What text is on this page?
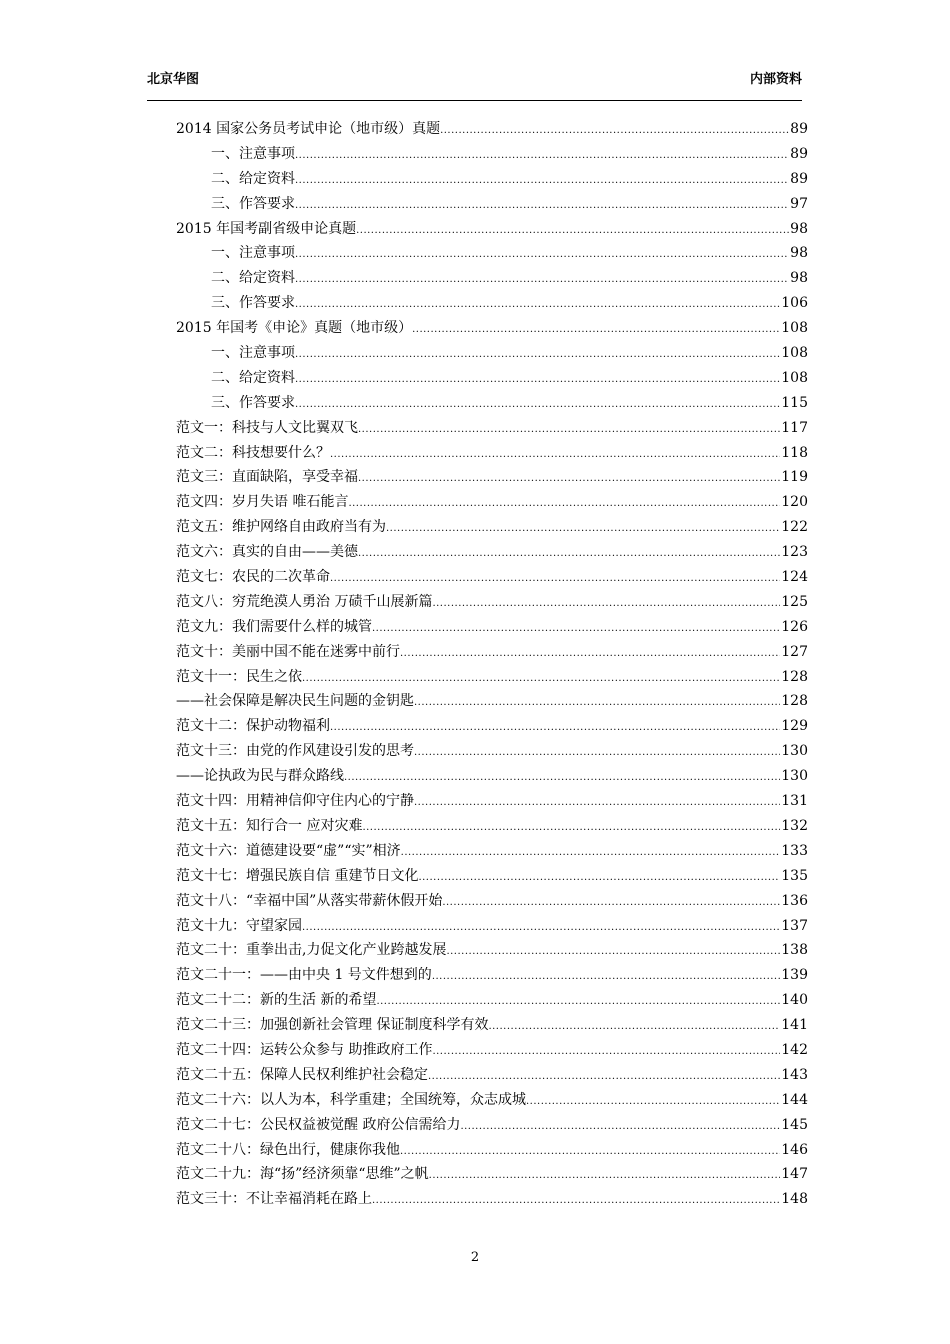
北京华图	内部资料
2014 国家公务员考试申论（地市级）真题 .....	89
一、注意事项 .....	89
二、给定资料 .....	89
三、作答要求 .....	97
2015 年国考副省级申论真题 .....	98
一、注意事项 .....	98
二、给定资料 .....	98
三、作答要求 .....	106
2015 年国考《申论》真题（地市级） .....	108
一、注意事项 .....	108
二、给定资料 .....	108
三、作答要求 .....	115
范文一：科技与人文比翼双飞 .....	117
范文二：科技想要什么？ .....	118
范文三：直面缺陷，享受幸福 .....	119
范文四：岁月失语 唯石能言 .....	120
范文五：维护网络自由政府当有为 .....	122
范文六：真实的自由——美德 .....	123
范文七：农民的二次革命 .....	124
范文八：穷荒绝漠人勇治 万碛千山展新篇 .....	125
范文九：我们需要什么样的城管 .....	126
范文十：美丽中国不能在迷雾中前行 .....	127
范文十一：民生之依 .....	128
——社会保障是解决民生问题的金钥匙 .....	128
范文十二：保护动物福利 .....	129
范文十三：由党的作风建设引发的思考 .....	130
——论执政为民与群众路线 .....	130
范文十四：用精神信仰守住内心的宁静 .....	131
范文十五：知行合一 应对灾难 .....	132
范文十六：道德建设要“虚”“实”相济 .....	133
范文十七：增强民族自信 重建节日文化 .....	135
范文十八：“幸福中国”从落实带薪休假开始 .....	136
范文十九：守望家园 .....	137
范文二十：重拳出击,力促文化产业跨越发展 .....	138
范文二十一：——由中央 1 号文件想到的 .....	139
范文二十二：新的生活 新的希望 .....	140
范文二十三：加强创新社会管理 保证制度科学有效 .....	141
范文二十四：运转公众参与 助推政府工作 .....	142
范文二十五：保障人民权利维护社会稳定 .....	143
范文二十六：以人为本，科学重建；全国统筹，众志成城 .....	144
范文二十七：公民权益被觉醒 政府公信需给力 .....	145
范文二十八：绿色出行，健康你我他 .....	146
范文二十九：海“扬”经济须靠“思维”之帆 .....	147
范文三十：不让幸福消耗在路上 .....	148
2
